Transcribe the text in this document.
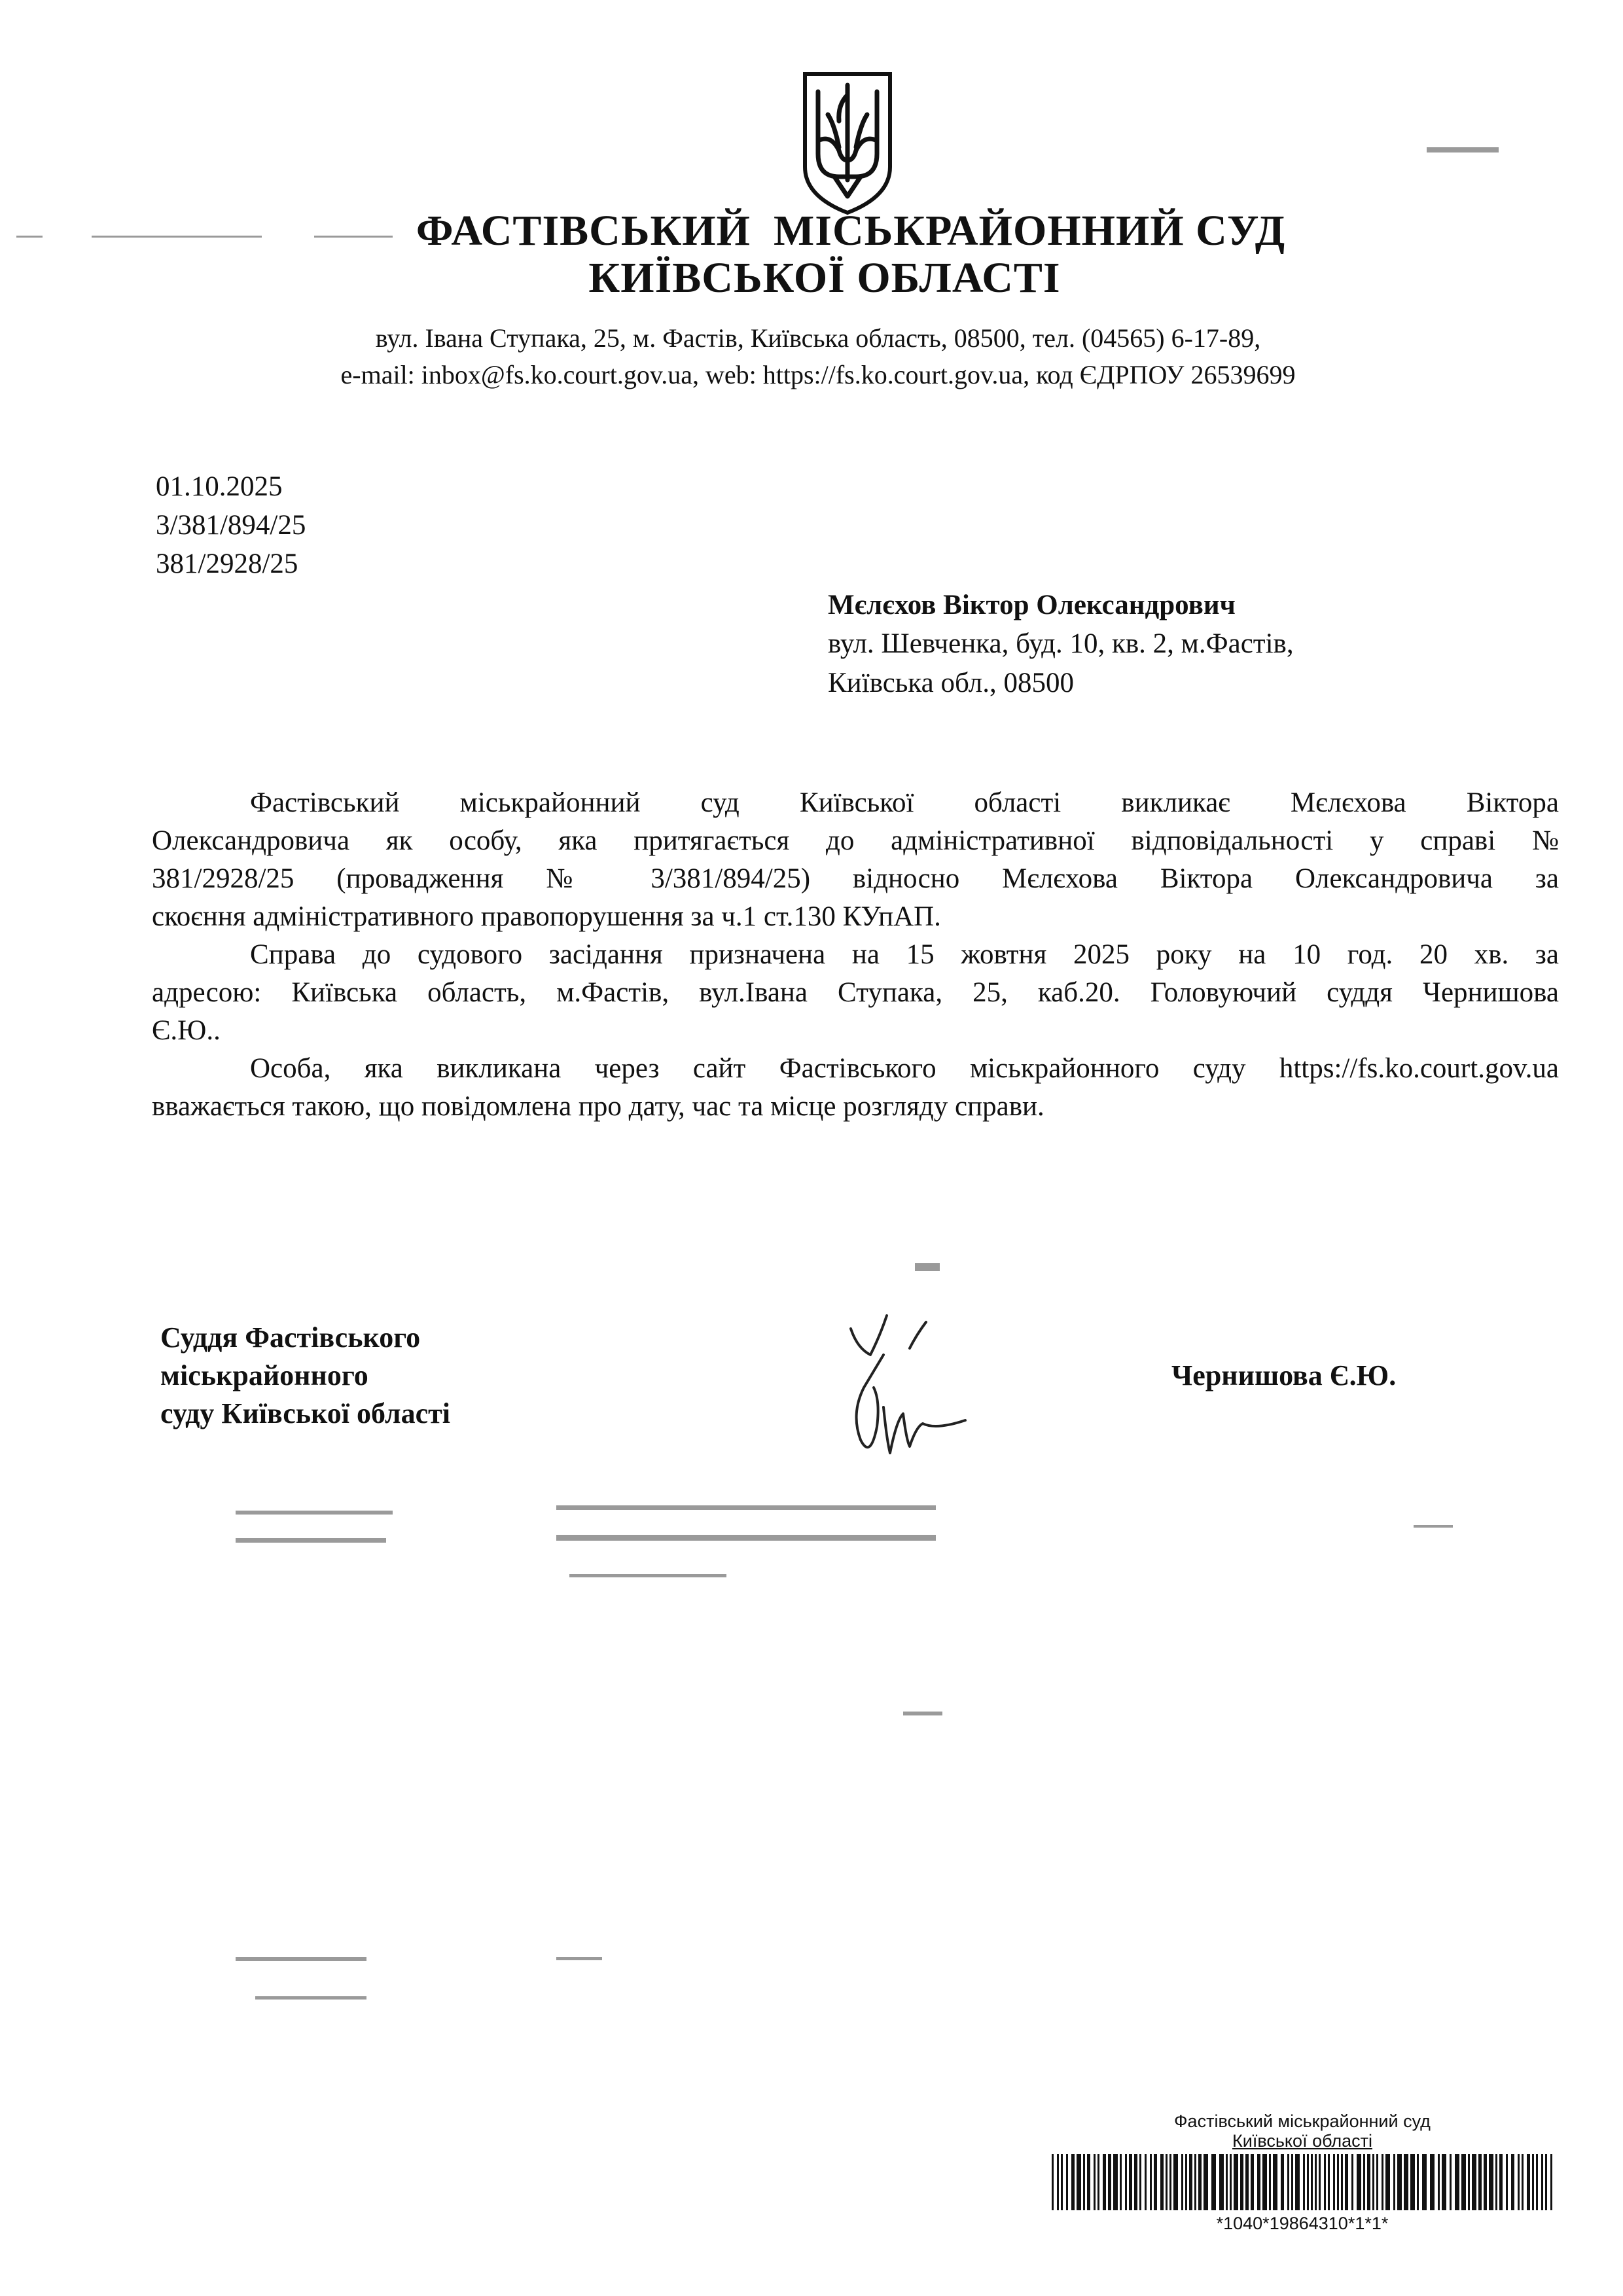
ФАСТІВСЬКИЙ  МІСЬКРАЙОННИЙ СУД
КИЇВСЬКОЇ ОБЛАСТІ
вул. Івана Ступака, 25, м. Фастів, Київська область, 08500, тел. (04565) 6-17-89,
e-mail: inbox@fs.ko.court.gov.ua, web: https://fs.ko.court.gov.ua, код ЄДРПОУ 26539699
01.10.2025
3/381/894/25
381/2928/25
Мєлєхов Віктор Олександрович
вул. Шевченка, буд. 10, кв. 2, м.Фастів,
Київська обл., 08500
Фастівський міськрайонний суд Київської області викликає Мєлєхова Віктора
Олександровича як особу, яка притягається до адміністративної відповідальності у справі №
381/2928/25 (провадження № 3/381/894/25) відносно Мєлєхова Віктора Олександровича за
скоєння адміністративного правопорушення за ч.1 ст.130 КУпАП.
Справа до судового засідання призначена на 15 жовтня 2025 року на 10 год. 20 хв. за
адресою: Київська область, м.Фастів, вул.Івана Ступака, 25, каб.20. Головуючий суддя Чернишова
Є.Ю..
Особа, яка викликана через сайт Фастівського міськрайонного суду https://fs.ko.court.gov.ua
вважається такою, що повідомлена про дату, час та місце розгляду справи.
Суддя Фастівського
міськрайонного
суду Київської області
Чернишова Є.Ю.
Фастівський міськрайонний суд
Київської області
*1040*19864310*1*1*
